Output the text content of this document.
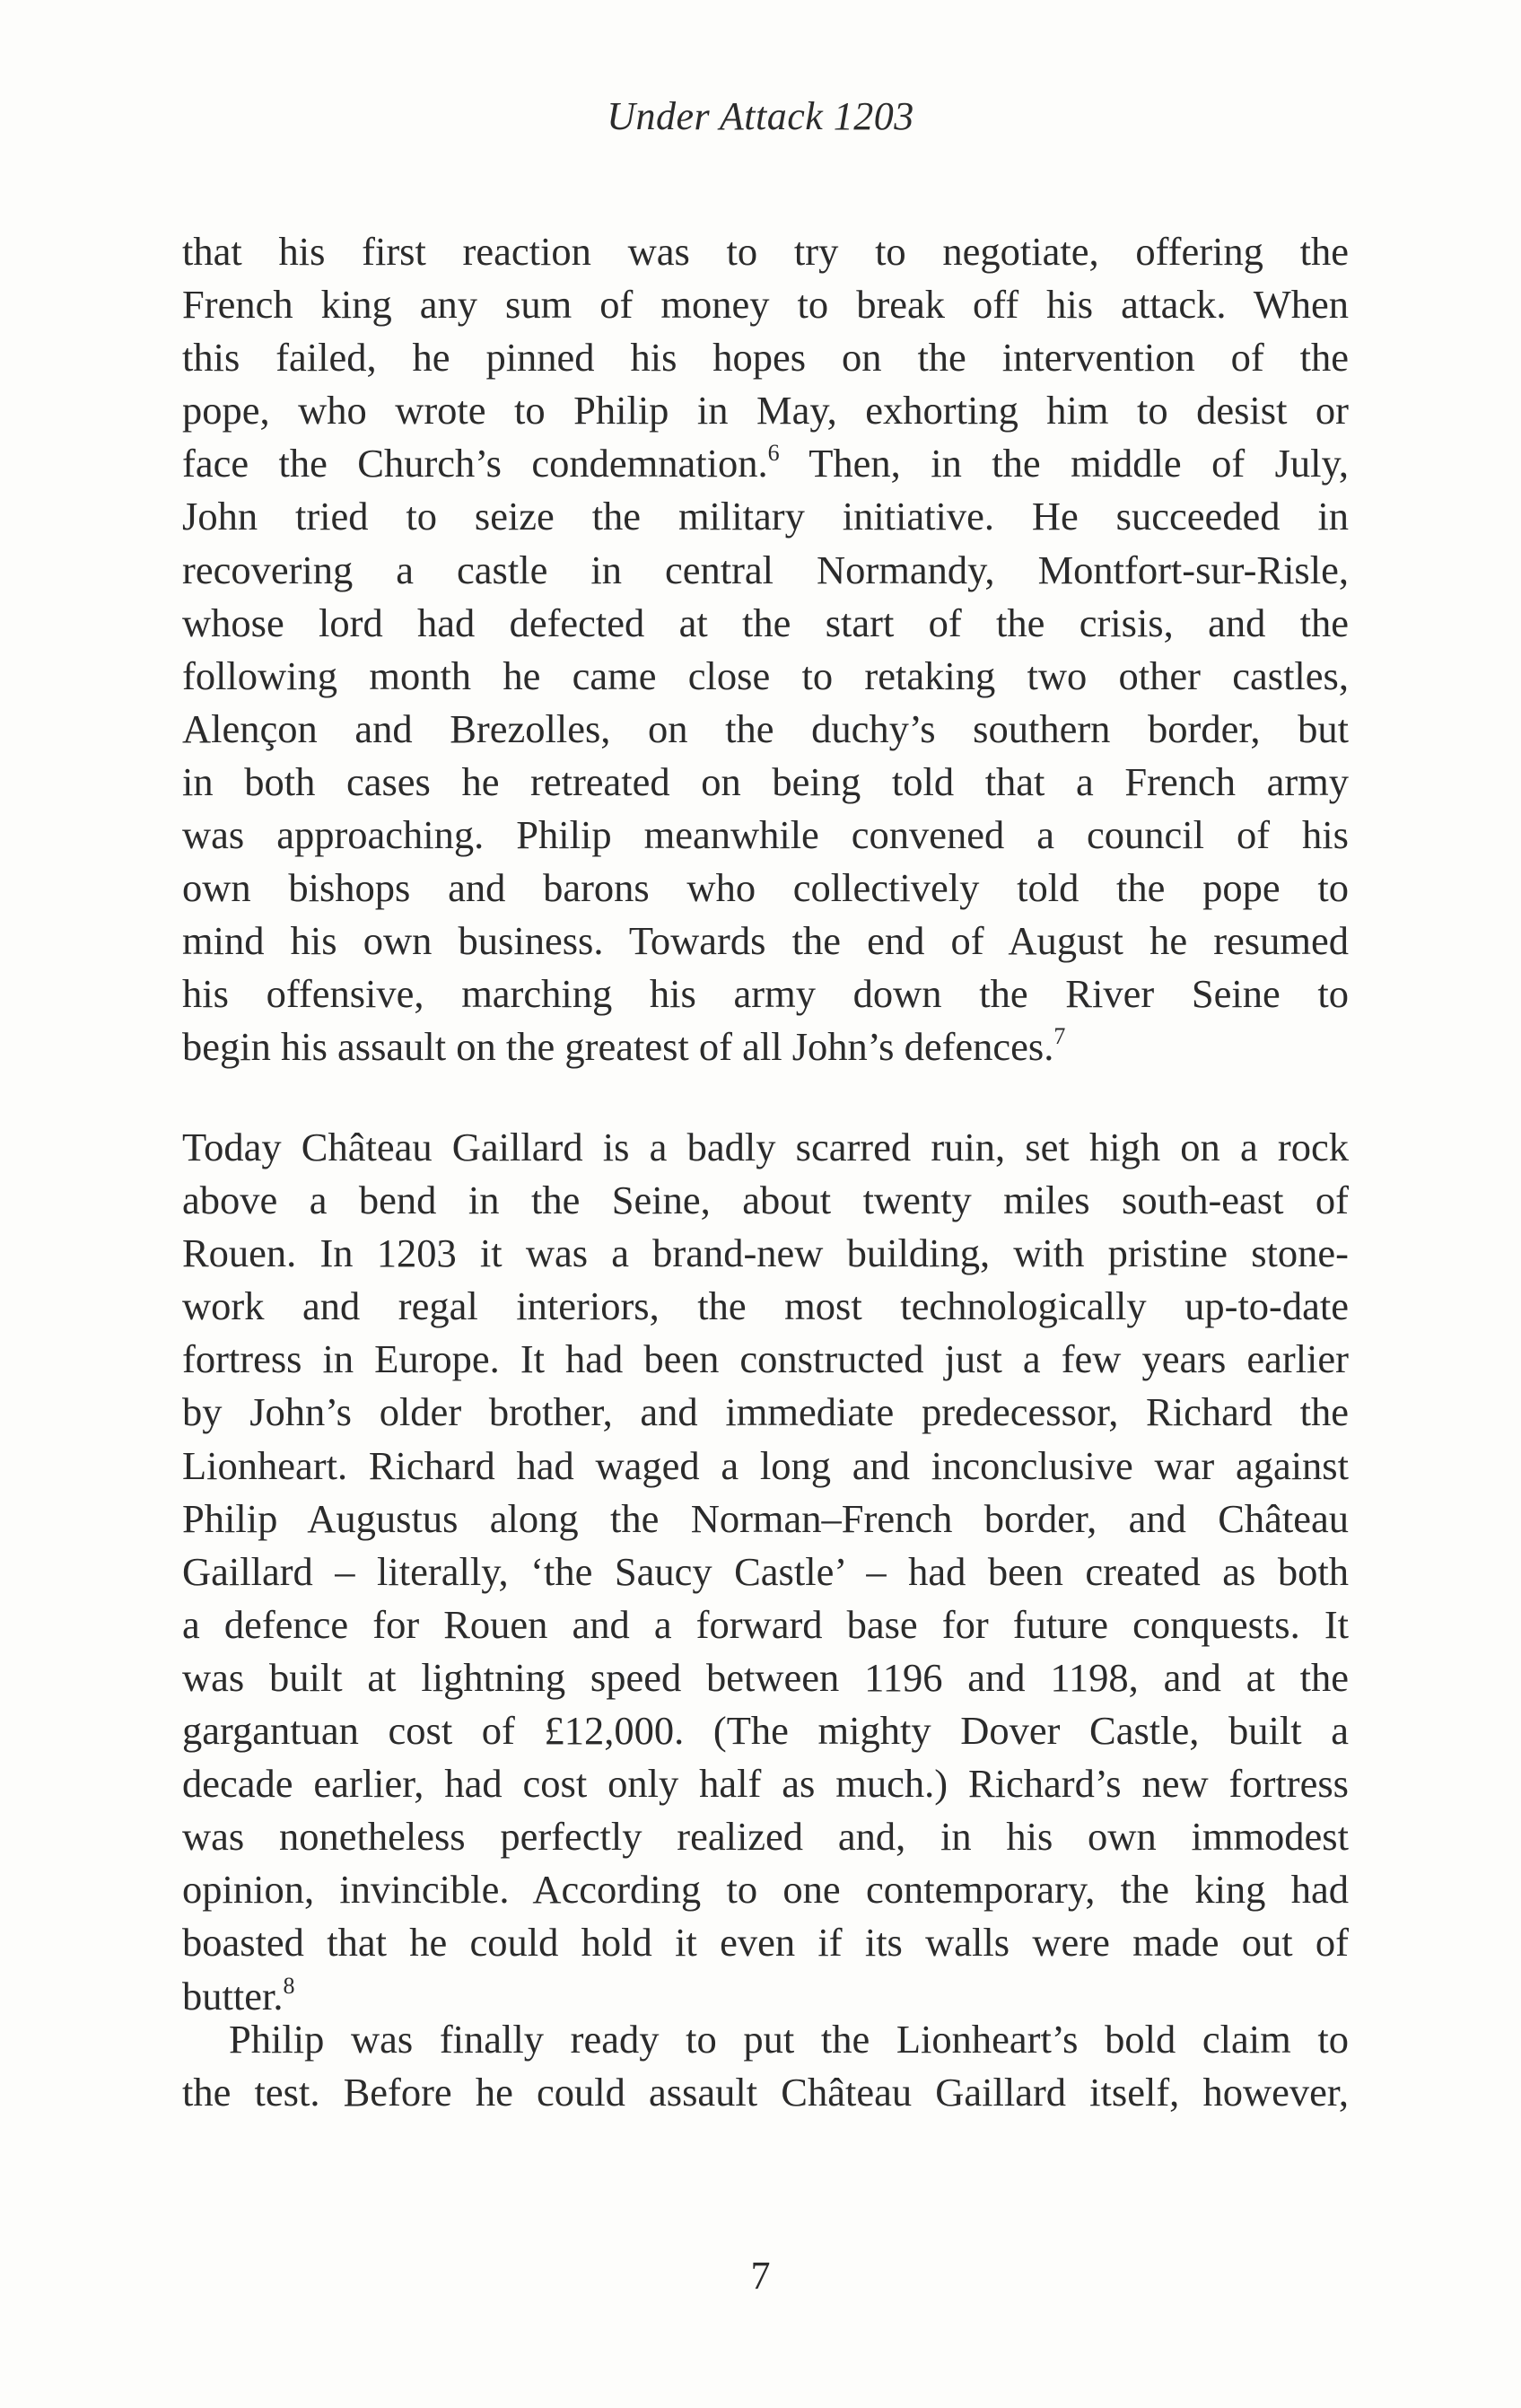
Under Attack 1203
that his first reaction was to try to negotiate, offering the
French king any sum of money to break off his attack. When
this failed, he pinned his hopes on the intervention of the
pope, who wrote to Philip in May, exhorting him to desist or
face the Church’s condemnation.$^6$ Then, in the middle of July,
John tried to seize the military initiative. He succeeded in
recovering a castle in central Normandy, Montfort-sur-Risle,
whose lord had defected at the start of the crisis, and the
following month he came close to retaking two other castles,
Alençon and Brezolles, on the duchy’s southern border, but
in both cases he retreated on being told that a French army
was approaching. Philip meanwhile convened a council of his
own bishops and barons who collectively told the pope to
mind his own business. Towards the end of August he resumed
his offensive, marching his army down the River Seine to
begin his assault on the greatest of all John’s defences.$^7$
Today Château Gaillard is a badly scarred ruin, set high on a rock
above a bend in the Seine, about twenty miles south-east of
Rouen. In 1203 it was a brand-new building, with pristine stone-
work and regal interiors, the most technologically up-to-date
fortress in Europe. It had been constructed just a few years earlier
by John’s older brother, and immediate predecessor, Richard the
Lionheart. Richard had waged a long and inconclusive war against
Philip Augustus along the Norman–French border, and Château
Gaillard – literally, ‘the Saucy Castle’ – had been created as both
a defence for Rouen and a forward base for future conquests. It
was built at lightning speed between 1196 and 1198, and at the
gargantuan cost of £12,000. (The mighty Dover Castle, built a
decade earlier, had cost only half as much.) Richard’s new fortress
was nonetheless perfectly realized and, in his own immodest
opinion, invincible. According to one contemporary, the king had
boasted that he could hold it even if its walls were made out of
butter.$^8$
Philip was finally ready to put the Lionheart’s bold claim to
the test. Before he could assault Château Gaillard itself, however,
7
